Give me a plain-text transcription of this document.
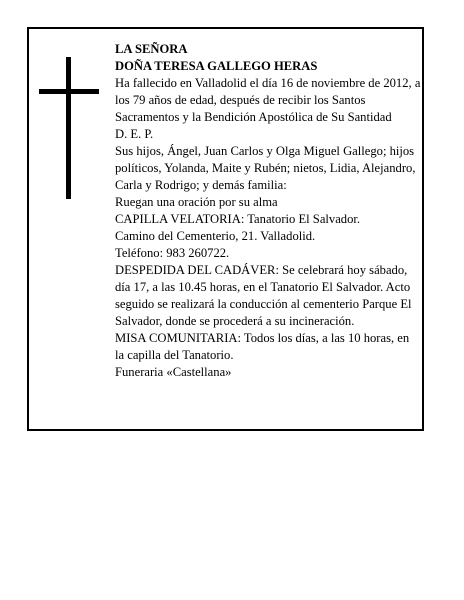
LA SEÑORA
DOÑA TERESA GALLEGO HERAS
Ha fallecido en Valladolid el día 16 de noviembre de 2012, a los 79 años de edad, después de recibir los Santos Sacramentos y la Bendición Apostólica de Su Santidad
D. E. P.
Sus hijos, Ángel, Juan Carlos y Olga Miguel Gallego; hijos políticos, Yolanda, Maite y Rubén; nietos, Lidia, Alejandro, Carla y Rodrigo; y demás familia:
Ruegan una oración por su alma
CAPILLA VELATORIA: Tanatorio El Salvador.
Camino del Cementerio, 21. Valladolid.
Teléfono: 983 260722.
DESPEDIDA DEL CADÁVER: Se celebrará hoy sábado, día 17, a las 10.45 horas, en el Tanatorio El Salvador. Acto seguido se realizará la conducción al cementerio Parque El Salvador, donde se procederá a su incineración.
MISA COMUNITARIA: Todos los días, a las 10 horas, en la capilla del Tanatorio.
Funeraria «Castellana»
